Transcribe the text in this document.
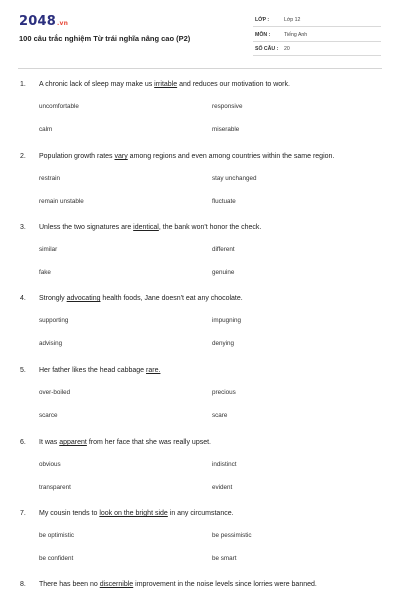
2048.vn
100 câu trắc nghiệm Từ trái nghĩa nâng cao (P2)
LỚP :	Lớp 12
MÔN :	Tiếng Anh
SỐ CÂU : 20
1. A chronic lack of sleep may make us irritable and reduces our motivation to work.
uncomfortable	responsive
calm	miserable
2. Population growth rates vary among regions and even among countries within the same region.
restrain	stay unchanged
remain unstable	fluctuate
3. Unless the two signatures are identical, the bank won't honor the check.
similar	different
fake	genuine
4. Strongly advocating health foods, Jane doesn't eat any chocolate.
supporting	impugning
advising	denying
5. Her father likes the head cabbage rare.
over-boiled	precious
scarce	scare
6. It was apparent from her face that she was really upset.
obvious	indistinct
transparent	evident
7. My cousin tends to look on the bright side in any circumstance.
be optimistic	be pessimistic
be confident	be smart
8. There has been no discernible improvement in the noise levels since lorries were banned.
